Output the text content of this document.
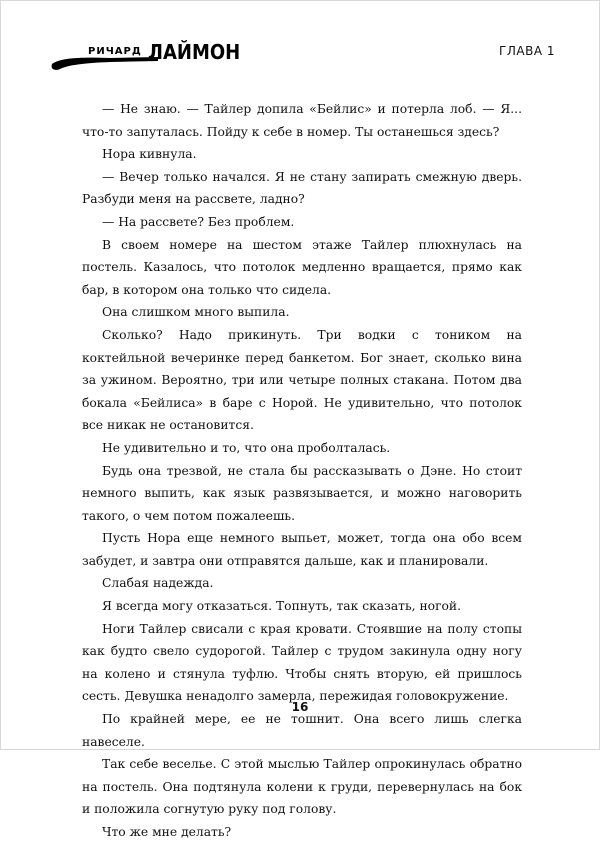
РИЧАРД ЛАЙМОН	ГЛАВА 1

— Не знаю. — Тайлер допила «Бейлис» и потерла лоб. — Я... что-то запуталась. Пойду к себе в номер. Ты останешься здесь?

Нора кивнула.

— Вечер только начался. Я не стану запирать смежную дверь. Разбуди меня на рассвете, ладно?

— На рассвете? Без проблем.

В своем номере на шестом этаже Тайлер плюхнулась на постель. Казалось, что потолок медленно вращается, прямо как бар, в котором она только что сидела.

Она слишком много выпила.

Сколько? Надо прикинуть. Три водки с тоником на коктейльной вечеринке перед банкетом. Бог знает, сколько вина за ужином. Вероятно, три или четыре полных стакана. Потом два бокала «Бейлиса» в баре с Норой. Не удивительно, что потолок все никак не остановится.

Не удивительно и то, что она проболталась.

Будь она трезвой, не стала бы рассказывать о Дэне. Но стоит немного выпить, как язык развязывается, и можно наговорить такого, о чем потом пожалеешь.

Пусть Нора еще немного выпьет, может, тогда она обо всем забудет, и завтра они отправятся дальше, как и планировали.

Слабая надежда.

Я всегда могу отказаться. Топнуть, так сказать, ногой.

Ноги Тайлер свисали с края кровати. Стоявшие на полу стопы как будто свело судорогой. Тайлер с трудом закинула одну ногу на колено и стянула туфлю. Чтобы снять вторую, ей пришлось сесть. Девушка ненадолго замерла, пережидая головокружение.

По крайней мере, ее не тошнит. Она всего лишь слегка навеселе.

Так себе веселье. С этой мыслью Тайлер опрокинулась обратно на постель. Она подтянула колени к груди, перевернулась на бок и положила согнутую руку под голову.

Что же мне делать?

16
